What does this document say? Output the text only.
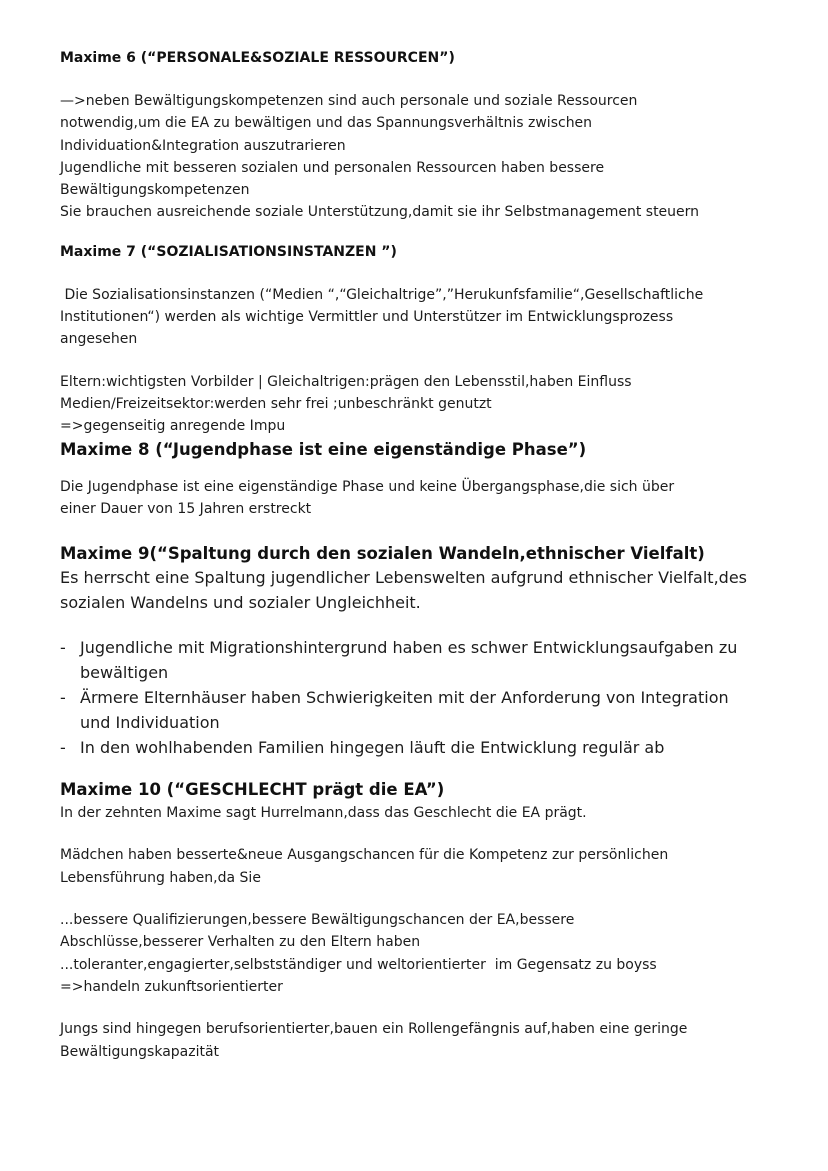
Maxime 6 (“PERSONALE&SOZIALE RESSOURCEN”)

—>neben Bewältigungskompetenzen sind auch personale und soziale Ressourcen
notwendig,um die EA zu bewältigen und das Spannungsverhältnis zwischen
Individuation&Integration auszutrarieren
Jugendliche mit besseren sozialen und personalen Ressourcen haben bessere
Bewältigungskompetenzen
Sie brauchen ausreichende soziale Unterstützung,damit sie ihr Selbstmanagement steuern

Maxime 7 (“SOZIALISATIONSINSTANZEN ”)

Die Sozialisationsinstanzen (“Medien “,“Gleichaltrige”,”Herukunfsfamilie“,Gesellschaftliche
Institutionen“) werden als wichtige Vermittler und Unterstützer im Entwicklungsprozess
angesehen

Eltern:wichtigsten Vorbilder | Gleichaltrigen:prägen den Lebensstil,haben Einfluss
Medien/Freizeitsektor:werden sehr frei ;unbeschränkt genutzt
=>gegenseitig anregende Impu

Maxime 8 (“Jugendphase ist eine eigenständige Phase”)

Die Jugendphase ist eine eigenständige Phase und keine Übergangsphase,die sich über
einer Dauer von 15 Jahren erstreckt

Maxime 9(“Spaltung durch den sozialen Wandeln,ethnischer Vielfalt)

Es herrscht eine Spaltung jugendlicher Lebenswelten aufgrund ethnischer Vielfalt,des
sozialen Wandelns und sozialer Ungleichheit.

- Jugendliche mit Migrationshintergrund haben es schwer Entwicklungsaufgaben zu
bewältigen
- Ärmere Elternhäuser haben Schwierigkeiten mit der Anforderung von Integration
und Individuation
- In den wohlhabenden Familien hingegen läuft die Entwicklung regulär ab
Maxime 10 (“GESCHLECHT prägt die EA”)

In der zehnten Maxime sagt Hurrelmann,dass das Geschlecht die EA prägt.

Mädchen haben besserte&neue Ausgangschancen für die Kompetenz zur persönlichen
Lebensführung haben,da Sie

...bessere Qualifizierungen,bessere Bewältigungschancen der EA,bessere
Abschlüsse,besserer Verhalten zu den Eltern haben
...toleranter,engagierter,selbstständiger und weltorientierter  im Gegensatz zu boyss
=>handeln zukunftsorientierter

Jungs sind hingegen berufsorientierter,bauen ein Rollengefängnis auf,haben eine geringe
Bewältigungskapazität
